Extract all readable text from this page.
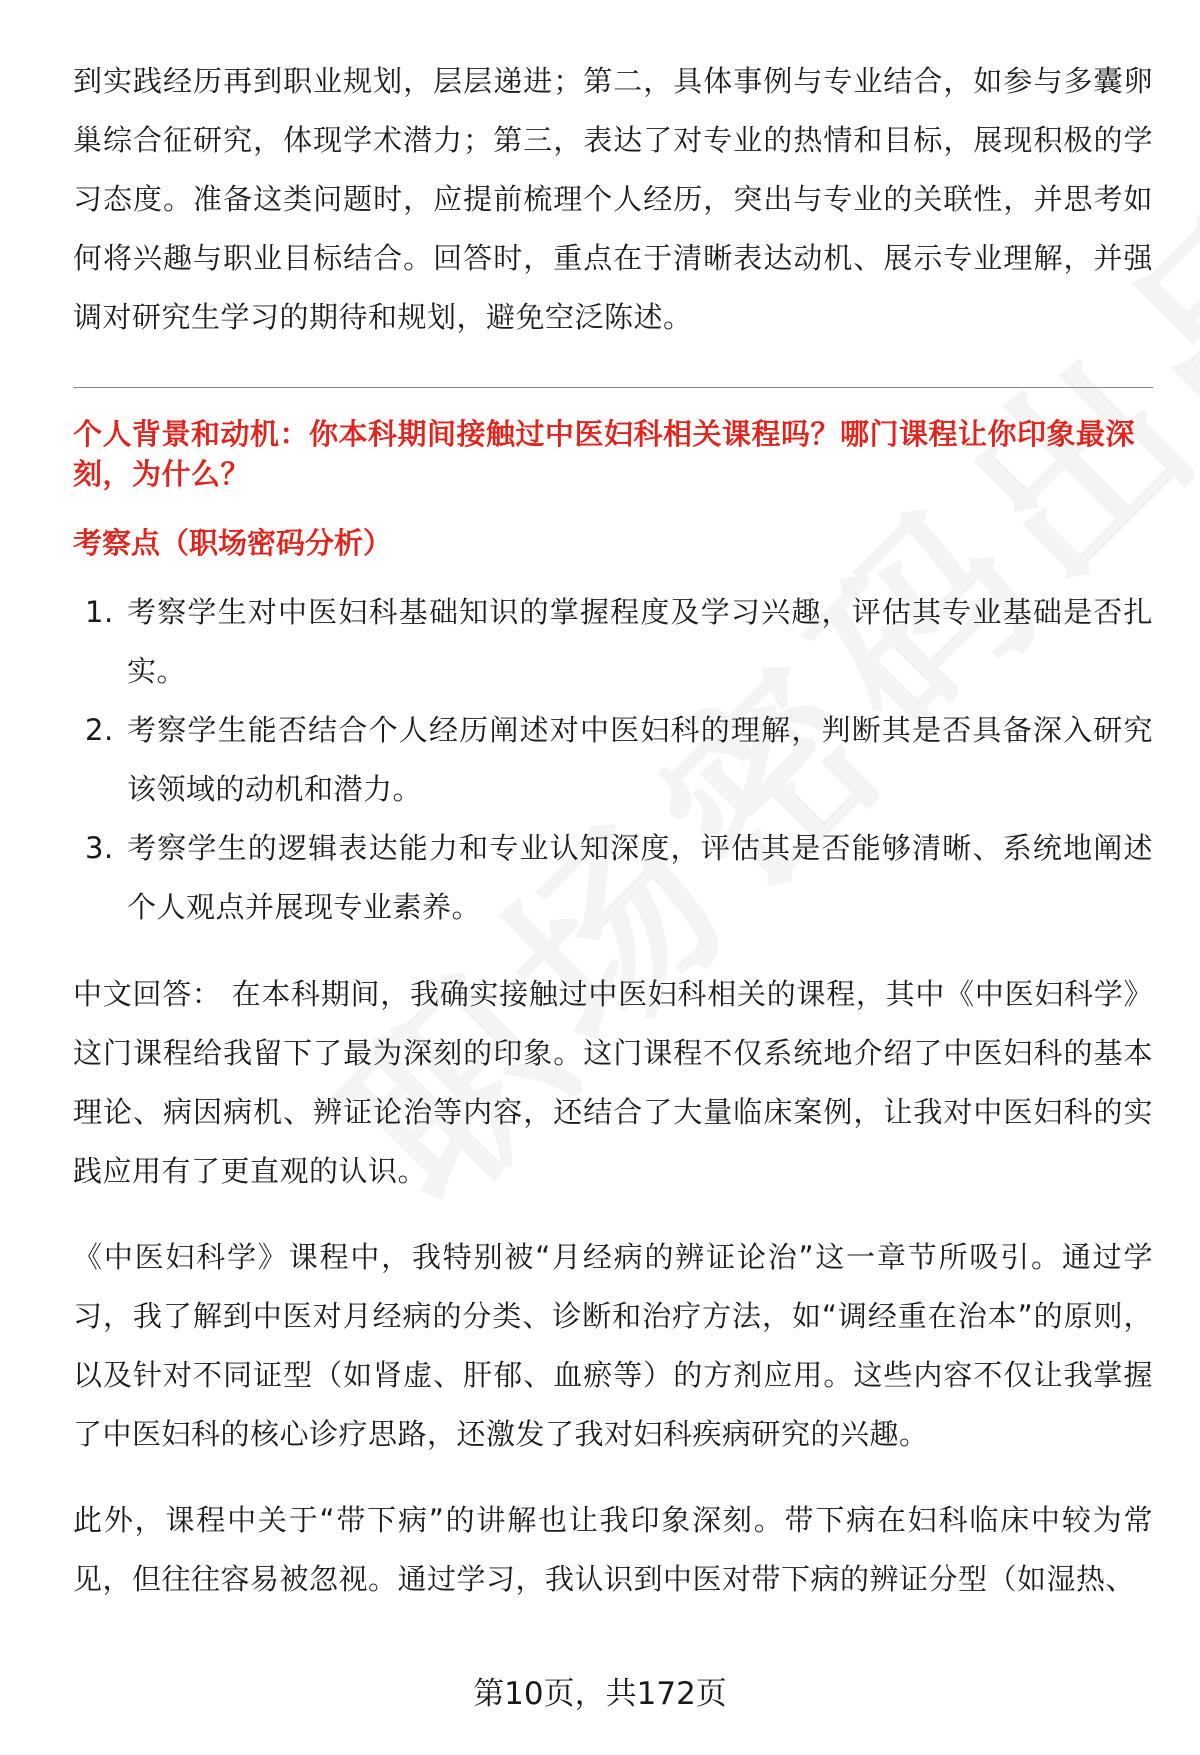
到实践经历再到职业规划，层层递进；第二，具体事例与专业结合，如参与多囊卵巢综合征研究，体现学术潜力；第三，表达了对专业的热情和目标，展现积极的学习态度。准备这类问题时，应提前梳理个人经历，突出与专业的关联性，并思考如何将兴趣与职业目标结合。回答时，重点在于清晰表达动机、展示专业理解，并强调对研究生学习的期待和规划，避免空泛陈述。

个人背景和动机：你本科期间接触过中医妇科相关课程吗？哪门课程让你印象最深刻，为什么？

考察点（职场密码分析）

1. 考察学生对中医妇科基础知识的掌握程度及学习兴趣，评估其专业基础是否扎实。
2. 考察学生能否结合个人经历阐述对中医妇科的理解，判断其是否具备深入研究该领域的动机和潜力。
3. 考察学生的逻辑表达能力和专业认知深度，评估其是否能够清晰、系统地阐述个人观点并展现专业素养。

中文回答： 在本科期间，我确实接触过中医妇科相关的课程，其中《中医妇科学》这门课程给我留下了最为深刻的印象。这门课程不仅系统地介绍了中医妇科的基本理论、病因病机、辨证论治等内容，还结合了大量临床案例，让我对中医妇科的实践应用有了更直观的认识。

《中医妇科学》课程中，我特别被“月经病的辨证论治”这一章节所吸引。通过学习，我了解到中医对月经病的分类、诊断和治疗方法，如“调经重在治本”的原则，以及针对不同证型（如肾虚、肝郁、血瘀等）的方剂应用。这些内容不仅让我掌握了中医妇科的核心诊疗思路，还激发了我对妇科疾病研究的兴趣。

此外，课程中关于“带下病”的讲解也让我印象深刻。带下病在妇科临床中较为常见，但往往容易被忽视。通过学习，我认识到中医对带下病的辨证分型（如湿热、

第10页，共172页
